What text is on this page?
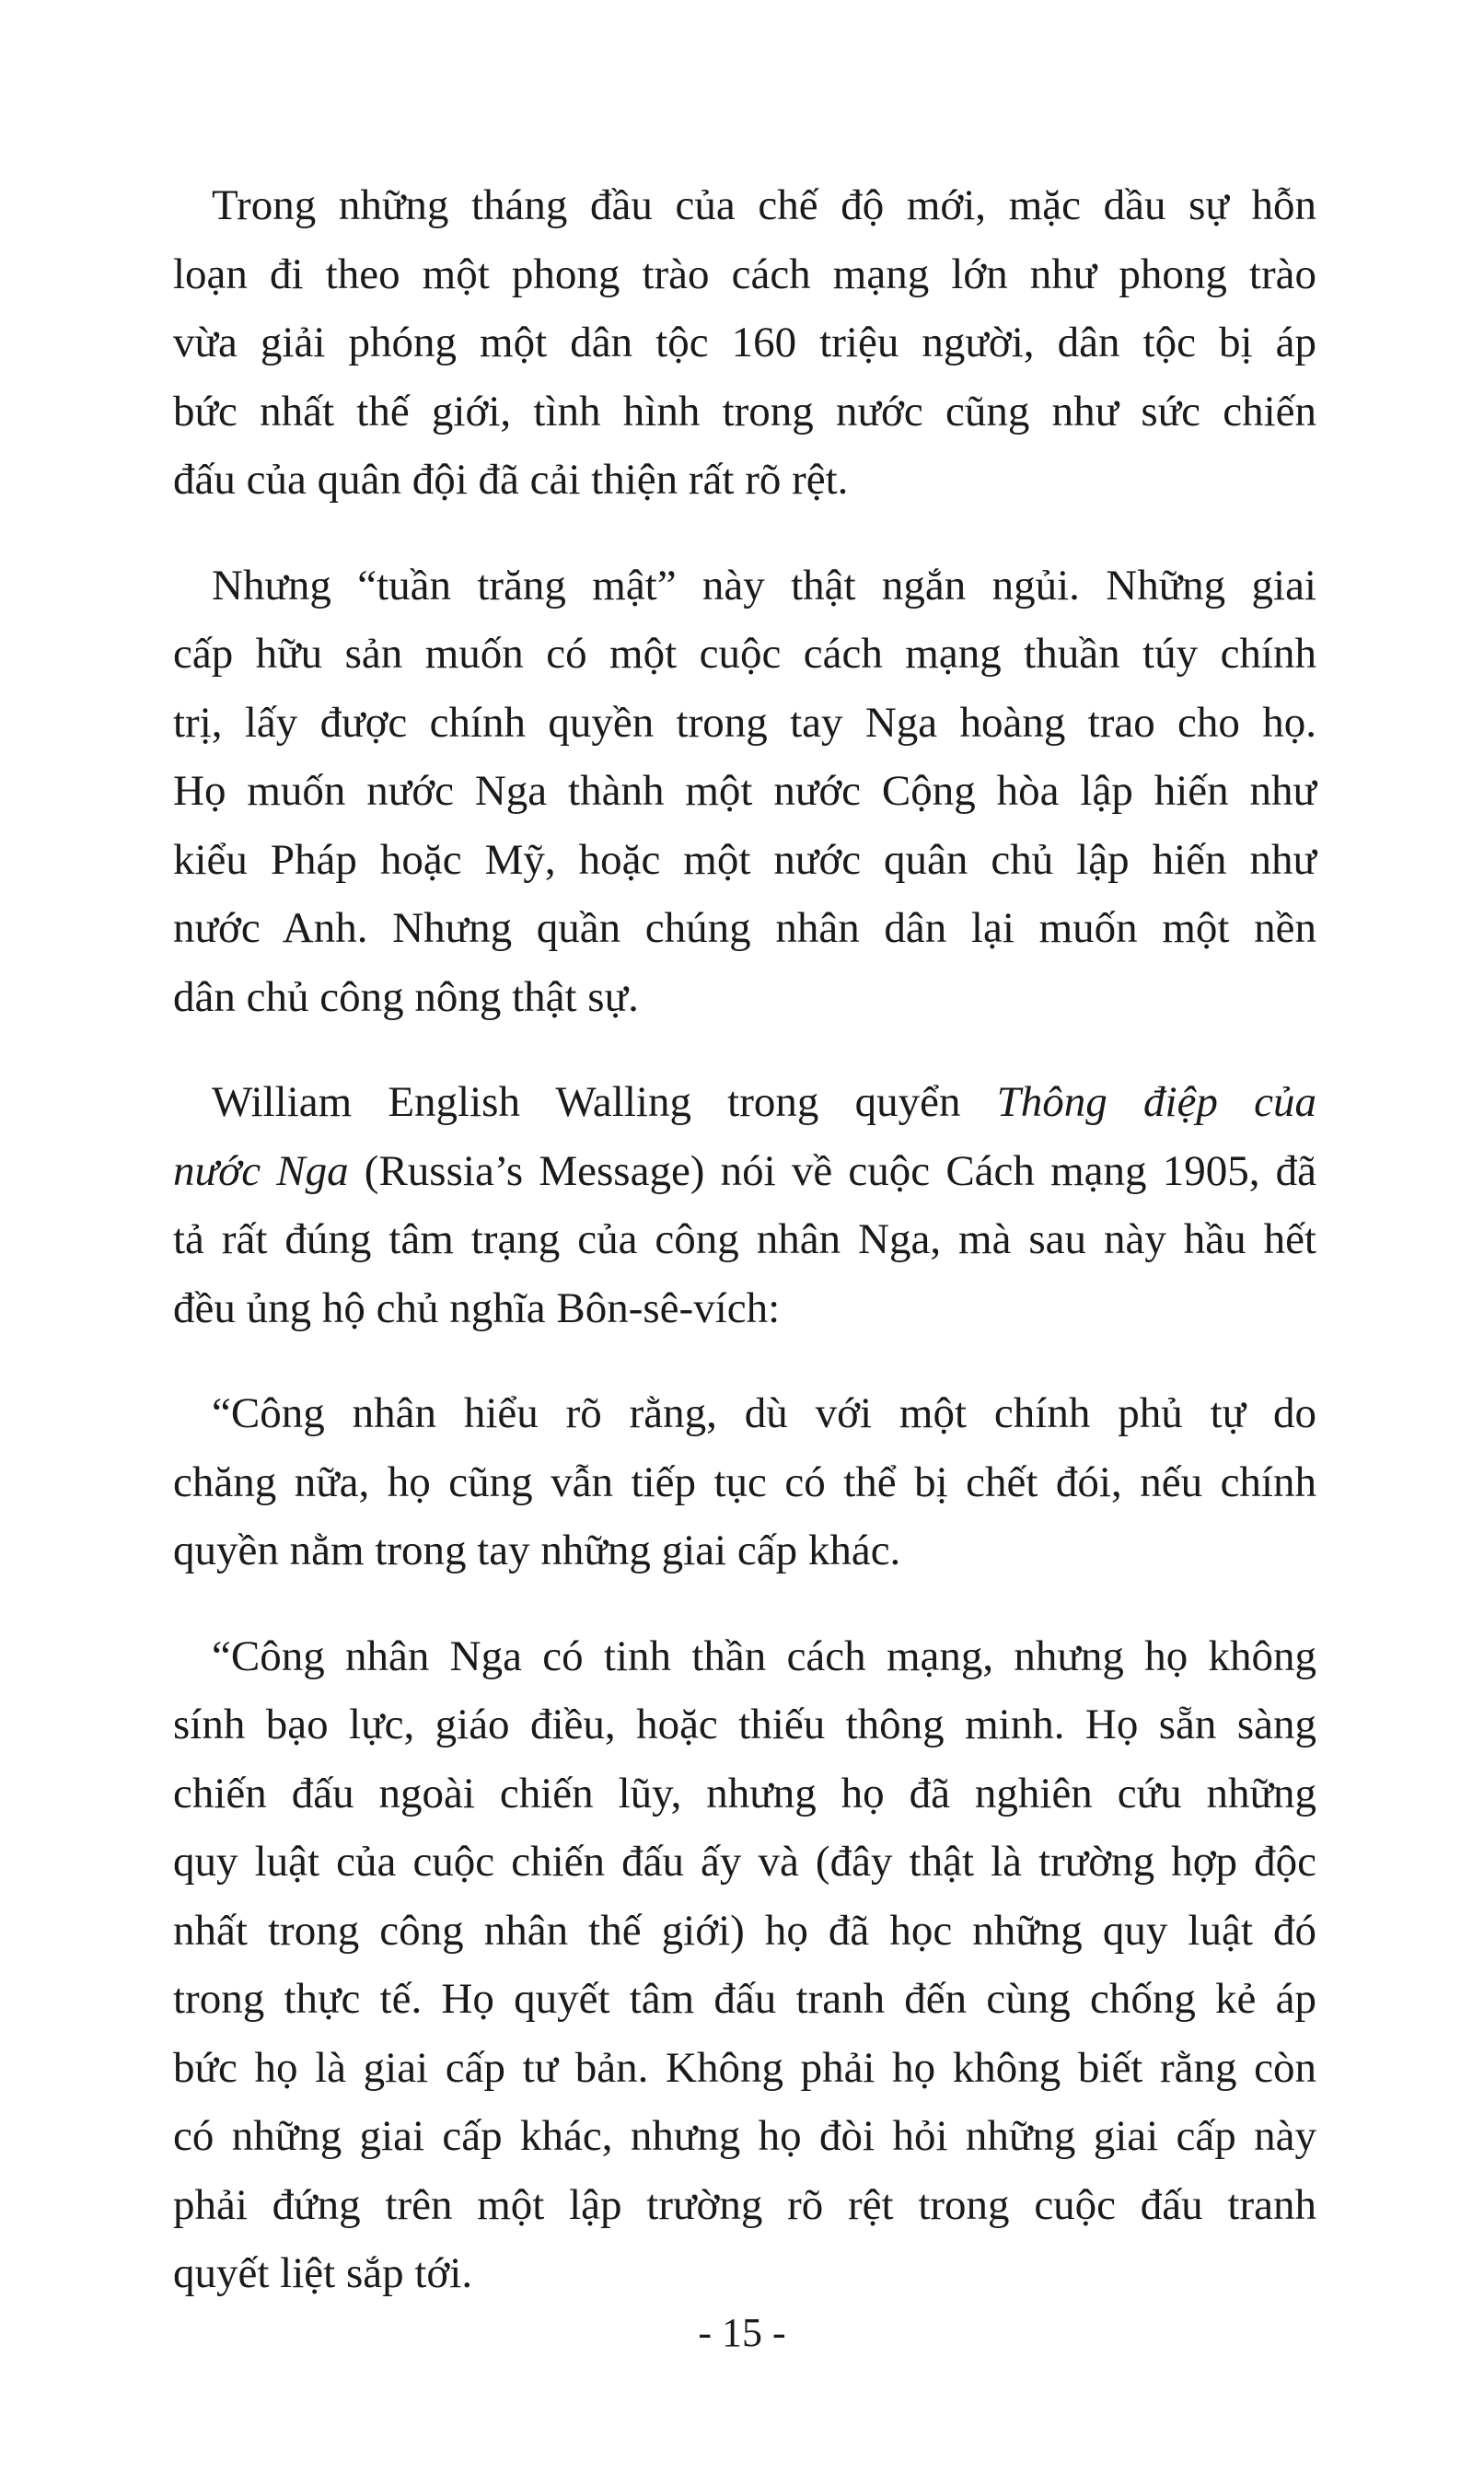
Trong những tháng đầu của chế độ mới, mặc dầu sự hỗn
loạn đi theo một phong trào cách mạng lớn như phong trào
vừa giải phóng một dân tộc 160 triệu người, dân tộc bị áp
bức nhất thế giới, tình hình trong nước cũng như sức chiến
đấu của quân đội đã cải thiện rất rõ rệt.

Nhưng “tuần trăng mật” này thật ngắn ngủi. Những giai
cấp hữu sản muốn có một cuộc cách mạng thuần túy chính
trị, lấy được chính quyền trong tay Nga hoàng trao cho họ.
Họ muốn nước Nga thành một nước Cộng hòa lập hiến như
kiểu Pháp hoặc Mỹ, hoặc một nước quân chủ lập hiến như
nước Anh. Nhưng quần chúng nhân dân lại muốn một nền
dân chủ công nông thật sự.

William English Walling trong quyển Thông điệp của
nước Nga (Russia’s Message) nói về cuộc Cách mạng 1905, đã
tả rất đúng tâm trạng của công nhân Nga, mà sau này hầu hết
đều ủng hộ chủ nghĩa Bôn-sê-vích:

“Công nhân hiểu rõ rằng, dù với một chính phủ tự do
chăng nữa, họ cũng vẫn tiếp tục có thể bị chết đói, nếu chính
quyền nằm trong tay những giai cấp khác.

“Công nhân Nga có tinh thần cách mạng, nhưng họ không
sính bạo lực, giáo điều, hoặc thiếu thông minh. Họ sẵn sàng
chiến đấu ngoài chiến lũy, nhưng họ đã nghiên cứu những
quy luật của cuộc chiến đấu ấy và (đây thật là trường hợp độc
nhất trong công nhân thế giới) họ đã học những quy luật đó
trong thực tế. Họ quyết tâm đấu tranh đến cùng chống kẻ áp
bức họ là giai cấp tư bản. Không phải họ không biết rằng còn
có những giai cấp khác, nhưng họ đòi hỏi những giai cấp này
phải đứng trên một lập trường rõ rệt trong cuộc đấu tranh
quyết liệt sắp tới.

- 15 -
